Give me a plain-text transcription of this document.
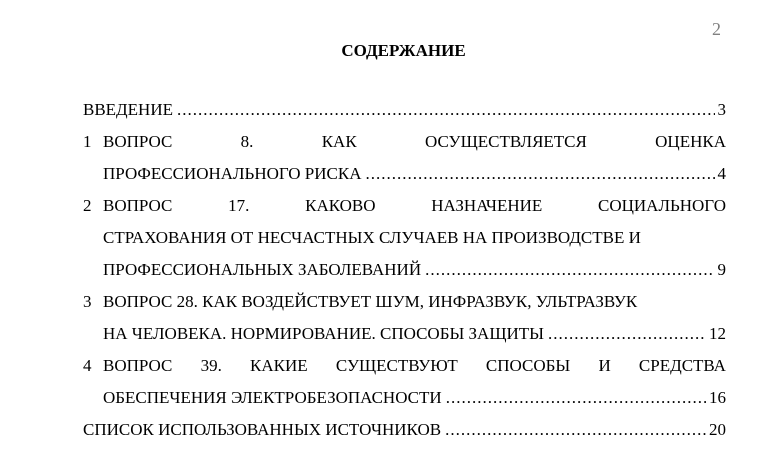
2
СОДЕРЖАНИЕ
ВВЕДЕНИЕ .....	3
1 ВОПРОС	8.	КАК	ОСУЩЕСТВЛЯЕТСЯ	ОЦЕНКА
ПРОФЕССИОНАЛЬНОГО РИСКА .....	4
2 ВОПРОС	17.	КАКОВО	НАЗНАЧЕНИЕ	СОЦИАЛЬНОГО
СТРАХОВАНИЯ ОТ НЕСЧАСТНЫХ СЛУЧАЕВ НА ПРОИЗВОДСТВЕ И
ПРОФЕССИОНАЛЬНЫХ ЗАБОЛЕВАНИЙ .....	9
3 ВОПРОС 28. КАК ВОЗДЕЙСТВУЕТ ШУМ, ИНФРАЗВУК, УЛЬТРАЗВУК
НА ЧЕЛОВЕКА. НОРМИРОВАНИЕ. СПОСОБЫ ЗАЩИТЫ .....	12
4 ВОПРОС 39. КАКИЕ СУЩЕСТВУЮТ СПОСОБЫ И СРЕДСТВА
ОБЕСПЕЧЕНИЯ ЭЛЕКТРОБЕЗОПАСНОСТИ .....	16
СПИСОК ИСПОЛЬЗОВАННЫХ ИСТОЧНИКОВ .....	20
